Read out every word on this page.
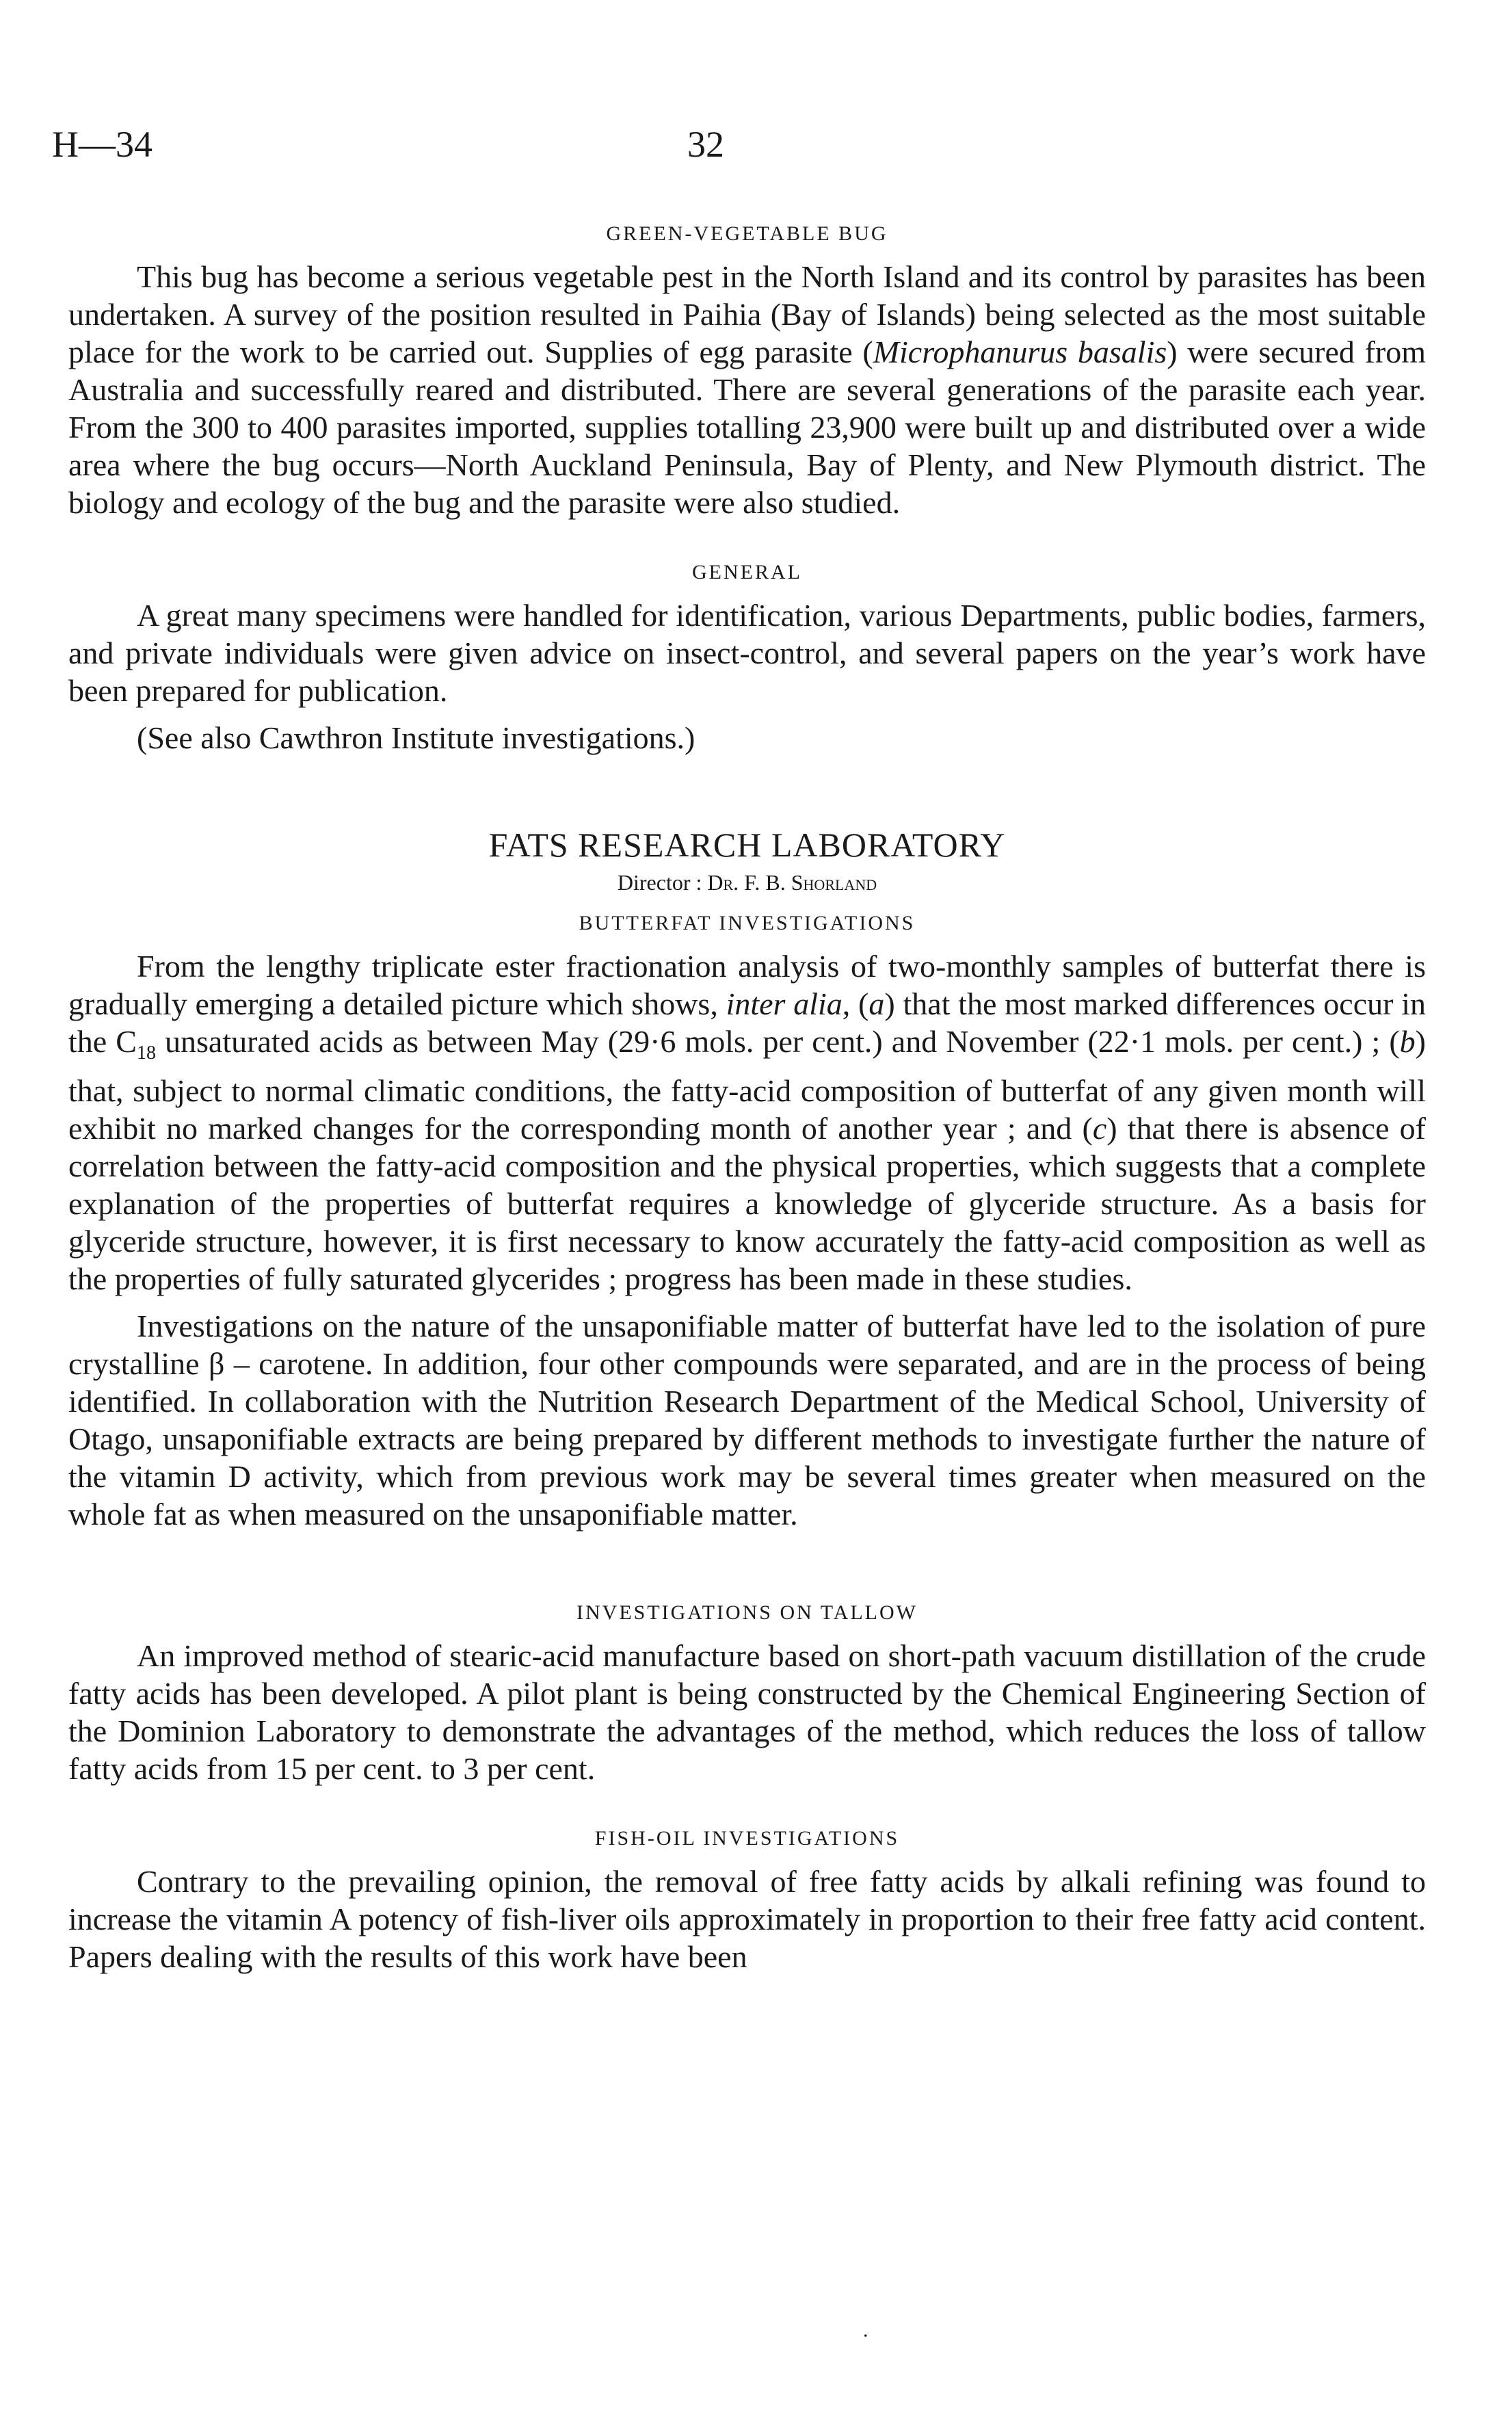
H—34	32
GREEN-VEGETABLE BUG

This bug has become a serious vegetable pest in the North Island and its control by parasites has been undertaken. A survey of the position resulted in Paihia (Bay of Islands) being selected as the most suitable place for the work to be carried out. Supplies of egg parasite (Microphanurus basalis) were secured from Australia and successfully reared and distributed. There are several generations of the parasite each year. From the 300 to 400 parasites imported, supplies totalling 23,900 were built up and distributed over a wide area where the bug occurs—North Auckland Peninsula, Bay of Plenty, and New Plymouth district. The biology and ecology of the bug and the parasite were also studied.

GENERAL

A great many specimens were handled for identification, various Departments, public bodies, farmers, and private individuals were given advice on insect-control, and several papers on the year’s work have been prepared for publication.

(See also Cawthron Institute investigations.)

FATS RESEARCH LABORATORY
Director : Dr. F. B. Shorland
BUTTERFAT INVESTIGATIONS

From the lengthy triplicate ester fractionation analysis of two-monthly samples of butterfat there is gradually emerging a detailed picture which shows, inter alia, (a) that the most marked differences occur in the $C_{18}$ unsaturated acids as between May (29·6 mols. per cent.) and November (22·1 mols. per cent.) ; (b) that, subject to normal climatic conditions, the fatty-acid composition of butterfat of any given month will exhibit no marked changes for the corresponding month of another year ; and (c) that there is absence of correlation between the fatty-acid composition and the physical properties, which suggests that a complete explanation of the properties of butterfat requires a knowledge of glyceride structure. As a basis for glyceride structure, however, it is first necessary to know accurately the fatty-acid composition as well as the properties of fully saturated glycerides ; progress has been made in these studies.

Investigations on the nature of the unsaponifiable matter of butterfat have led to the isolation of pure crystalline β – carotene. In addition, four other compounds were separated, and are in the process of being identified. In collaboration with the Nutrition Research Department of the Medical School, University of Otago, unsaponifiable extracts are being prepared by different methods to investigate further the nature of the vitamin D activity, which from previous work may be several times greater when measured on the whole fat as when measured on the unsaponifiable matter.

INVESTIGATIONS ON TALLOW

An improved method of stearic-acid manufacture based on short-path vacuum distillation of the crude fatty acids has been developed. A pilot plant is being constructed by the Chemical Engineering Section of the Dominion Laboratory to demonstrate the advantages of the method, which reduces the loss of tallow fatty acids from 15 per cent. to 3 per cent.

FISH-OIL INVESTIGATIONS

Contrary to the prevailing opinion, the removal of free fatty acids by alkali refining was found to increase the vitamin A potency of fish-liver oils approximately in proportion to their free fatty acid content. Papers dealing with the results of this work have been

.
